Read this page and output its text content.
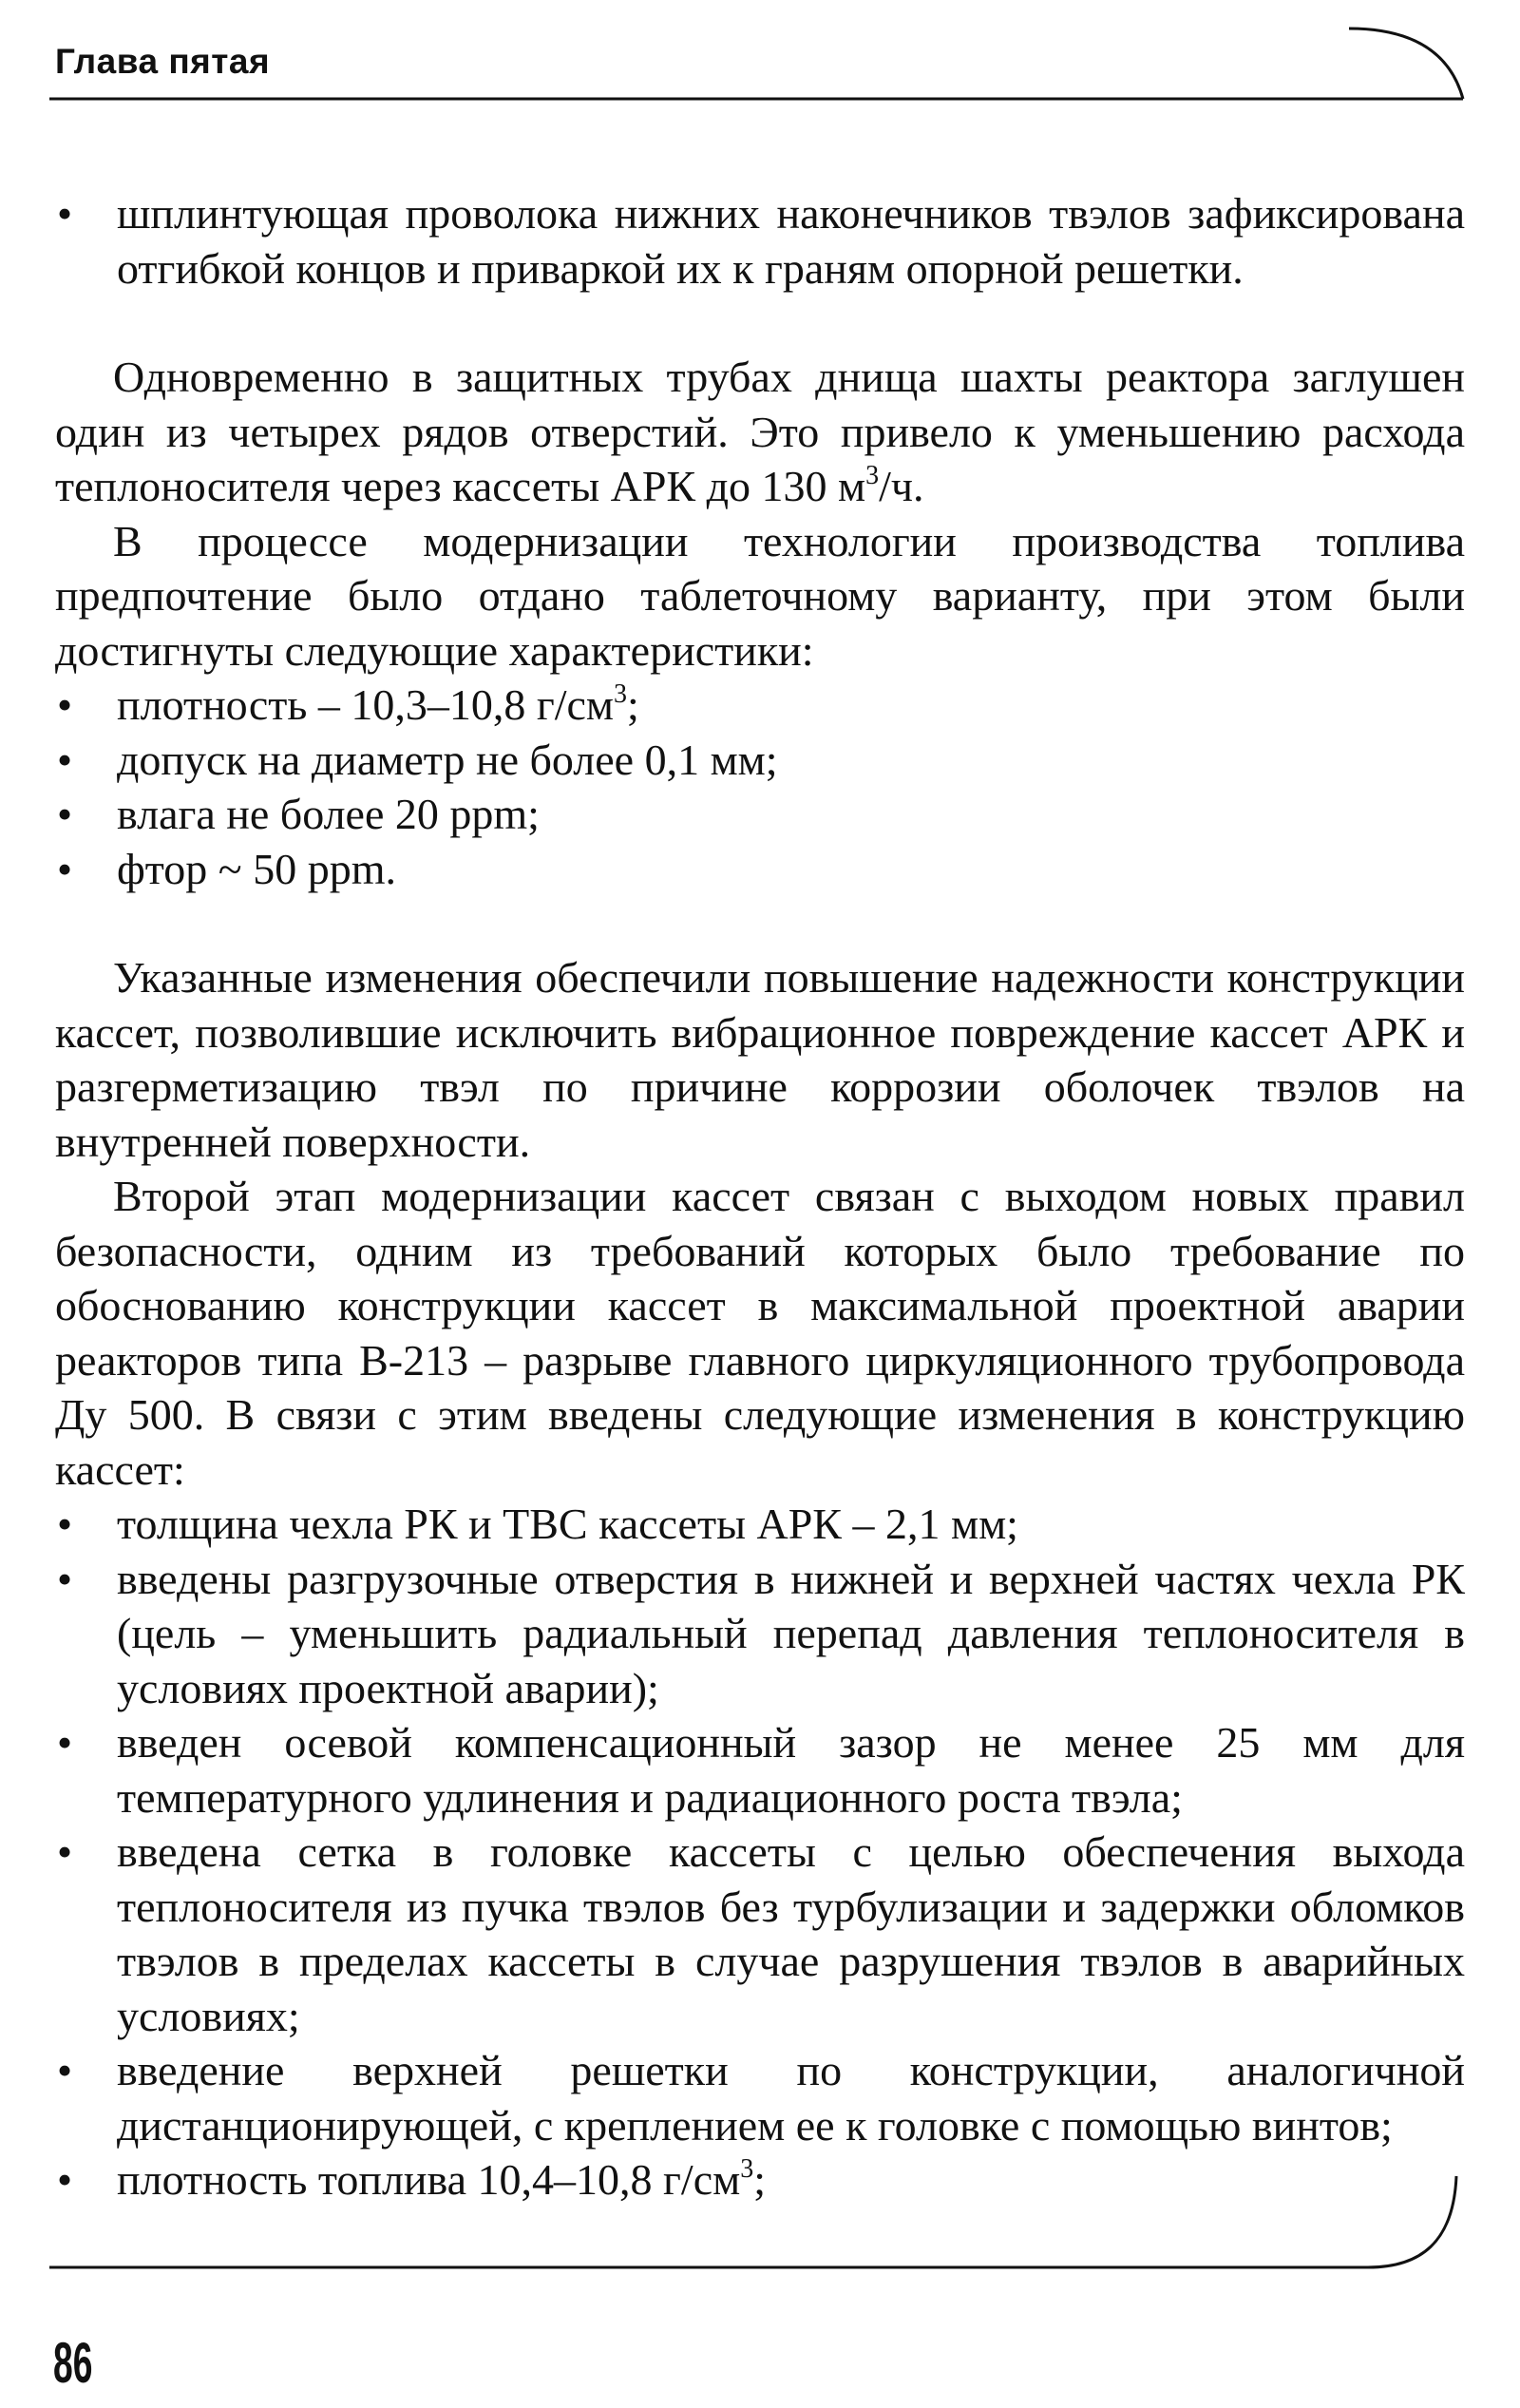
Глава пятая
• шплинтующая проволока нижних наконечников твэлов зафиксирована отгибкой концов и приваркой их к граням опорной решетки.

Одновременно в защитных трубах днища шахты реактора заглушен один из четырех рядов отверстий. Это привело к уменьшению расхода теплоносителя через кассеты АРК до 130 $м^3/ч$.

В процессе модернизации технологии производства топлива предпочтение было отдано таблеточному варианту, при этом были достигнуты следующие характеристики:

• плотность – 10,3–10,8 $г/см^3$;
• допуск на диаметр не более 0,1 мм;
• влага не более 20 ppm;
• фтор ~ 50 ppm.

Указанные изменения обеспечили повышение надежности конструкции кассет, позволившие исключить вибрационное повреждение кассет АРК и разгерметизацию твэл по причине коррозии оболочек твэлов на внутренней поверхности.

Второй этап модернизации кассет связан с выходом новых правил безопасности, одним из требований которых было требование по обоснованию конструкции кассет в максимальной проектной аварии реакторов типа В-213 – разрыве главного циркуляционного трубопровода Ду 500. В связи с этим введены следующие изменения в конструкцию кассет:

• толщина чехла РК и ТВС кассеты АРК – 2,1 мм;
• введены разгрузочные отверстия в нижней и верхней частях чехла РК (цель – уменьшить радиальный перепад давления теплоносителя в условиях проектной аварии);
• введен осевой компенсационный зазор не менее 25 мм для температурного удлинения и радиационного роста твэла;
• введена сетка в головке кассеты с целью обеспечения выхода теплоносителя из пучка твэлов без турбулизации и задержки обломков твэлов в пределах кассеты в случае разрушения твэлов в аварийных условиях;
• введение верхней решетки по конструкции, аналогичной дистанционирующей, с креплением ее к головке с помощью винтов;
• плотность топлива 10,4–10,8 $г/см^3$;
86
